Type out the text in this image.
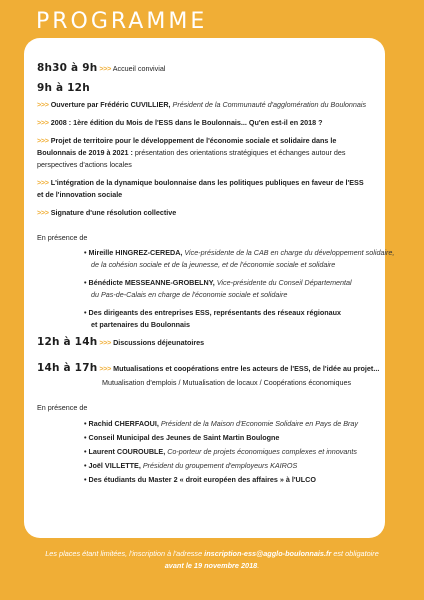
PROGRAMME
8h30 à 9h >>> Accueil convivial
9h à 12h
>>> Ouverture par Frédéric CUVILLIER, Président de la Communauté d'agglomération du Boulonnais
>>> 2008 : 1ère édition du Mois de l'ESS dans le Boulonnais... Qu'en est-il en 2018 ?
>>> Projet de territoire pour le développement de l'économie sociale et solidaire dans le
Boulonnais de 2019 à 2021 : présentation des orientations stratégiques et échanges autour des
perspectives d'actions locales
>>> L'intégration de la dynamique boulonnaise dans les politiques publiques en faveur de l'ESS
et de l'innovation sociale
>>> Signature d'une résolution collective
En présence de
• Mireille HINGREZ-CEREDA, Vice-présidente de la CAB en charge du développement solidaire,
de la cohésion sociale et de la jeunesse, et de l'économie sociale et solidaire
• Bénédicte MESSEANNE-GROBELNY, Vice-présidente du Conseil Départemental
du Pas-de-Calais en charge de l'économie sociale et solidaire
• Des dirigeants des entreprises ESS, représentants des réseaux régionaux
et partenaires du Boulonnais
12h à 14h >>> Discussions déjeunatoires
14h à 17h >>> Mutualisations et coopérations entre les acteurs de l'ESS, de l'idée au projet...
Mutualisation d'emplois / Mutualisation de locaux / Coopérations économiques
En présence de
• Rachid CHERFAOUI, Président de la Maison d'Economie Solidaire en Pays de Bray
• Conseil Municipal des Jeunes de Saint Martin Boulogne
• Laurent COUROUBLE, Co-porteur de projets économiques complexes et innovants
• Joël VILLETTE, Président du groupement d'employeurs KAIROS
• Des étudiants du Master 2 « droit européen des affaires » à l'ULCO
Les places étant limitées, l'inscription à l'adresse inscription-ess@agglo-boulonnais.fr est obligatoire
avant le 19 novembre 2018.
